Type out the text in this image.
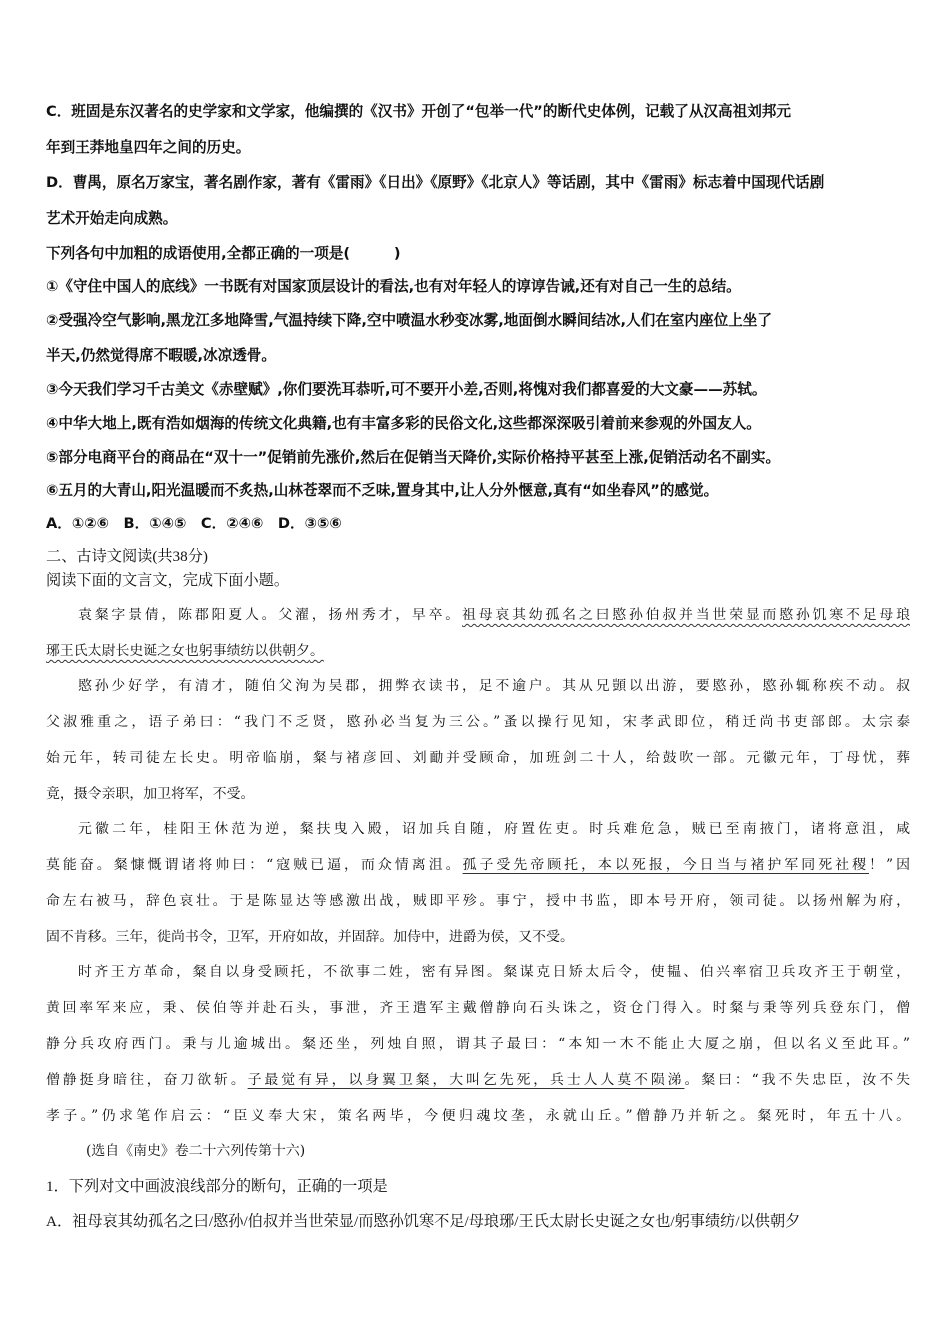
C．班固是东汉著名的史学家和文学家，他编撰的《汉书》开创了“包举一代”的断代史体例，记载了从汉高祖刘邦元
年到王莽地皇四年之间的历史。
D．曹禺，原名万家宝，著名剧作家，著有《雷雨》《日出》《原野》《北京人》等话剧，其中《雷雨》标志着中国现代话剧
艺术开始走向成熟。
下列各句中加粗的成语使用,全都正确的一项是(　　　)
①《守住中国人的底线》一书既有对国家顶层设计的看法,也有对年轻人的谆谆告诫,还有对自己一生的总结。
②受强冷空气影响,黑龙江多地降雪,气温持续下降,空中喷温水秒变冰雾,地面倒水瞬间结冰,人们在室内座位上坐了
半天,仍然觉得席不暇暖,冰凉透骨。
③今天我们学习千古美文《赤壁赋》,你们要洗耳恭听,可不要开小差,否则,将愧对我们都喜爱的大文豪——苏轼。
④中华大地上,既有浩如烟海的传统文化典籍,也有丰富多彩的民俗文化,这些都深深吸引着前来参观的外国友人。
⑤部分电商平台的商品在“双十一”促销前先涨价,然后在促销当天降价,实际价格持平甚至上涨,促销活动名不副实。
⑥五月的大青山,阳光温暖而不炙热,山林苍翠而不乏味,置身其中,让人分外惬意,真有“如坐春风”的感觉。
A．①②⑥　B．①④⑤　C．②④⑥　D．③⑤⑥
二、古诗文阅读(共38分)
阅读下面的文言文，完成下面小题。
袁粲字景倩，陈郡阳夏人。父濯，扬州秀才，早卒。祖母哀其幼孤名之曰愍孙伯叔并当世荣显而愍孙饥寒不足母琅
琊王氏太尉长史诞之女也躬事绩纺以供朝夕。
愍孙少好学，有清才，随伯父洵为吴郡，拥弊衣读书，足不逾户。其从兄顗以出游，要愍孙，愍孙辄称疾不动。叔
父淑雅重之，语子弟曰：“我门不乏贤，愍孙必当复为三公。”蚤以操行见知，宋孝武即位，稍迁尚书吏部郎。太宗泰
始元年，转司徒左长史。明帝临崩，粲与褚彦回、刘勔并受顾命，加班剑二十人，给鼓吹一部。元徽元年，丁母忧，葬
竟，摄令亲职，加卫将军，不受。
元徽二年，桂阳王休范为逆，粲扶曳入殿，诏加兵自随，府置佐吏。时兵难危急，贼已至南掖门，诸将意沮，咸
莫能奋。粲慷慨谓诸将帅曰：“寇贼已逼，而众情离沮。孤子受先帝顾托，本以死报，今日当与褚护军同死社稷！”因
命左右被马，辞色哀壮。于是陈显达等感激出战，贼即平殄。事宁，授中书监，即本号开府，领司徒。以扬州解为府，
固不肯移。三年，徙尚书令，卫军，开府如故，并固辞。加侍中，进爵为侯，又不受。
时齐王方革命，粲自以身受顾托，不欲事二姓，密有异图。粲谋克日矫太后令，使韫、伯兴率宿卫兵攻齐王于朝堂，
黄回率军来应，秉、侯伯等并赴石头，事泄，齐王遣军主戴僧静向石头诛之，资仓门得入。时粲与秉等列兵登东门，僧
静分兵攻府西门。秉与儿逾城出。粲还坐，列烛自照，谓其子最曰：“本知一木不能止大厦之崩，但以名义至此耳。”
僧静挺身暗往，奋刀欲斩。子最觉有异，以身翼卫粲，大叫乞先死，兵士人人莫不陨涕。粲曰：“我不失忠臣，汝不失
孝子。”仍求笔作启云：“臣义奉大宋，策名两毕，今便归魂坟垄，永就山丘。”僧静乃并斩之。粲死时，年五十八。
(选自《南史》卷二十六列传第十六)
1．下列对文中画波浪线部分的断句，正确的一项是
A．祖母哀其幼孤名之曰/愍孙/伯叔并当世荣显/而愍孙饥寒不足/母琅琊/王氏太尉长史诞之女也/躬事绩纺/以供朝夕
